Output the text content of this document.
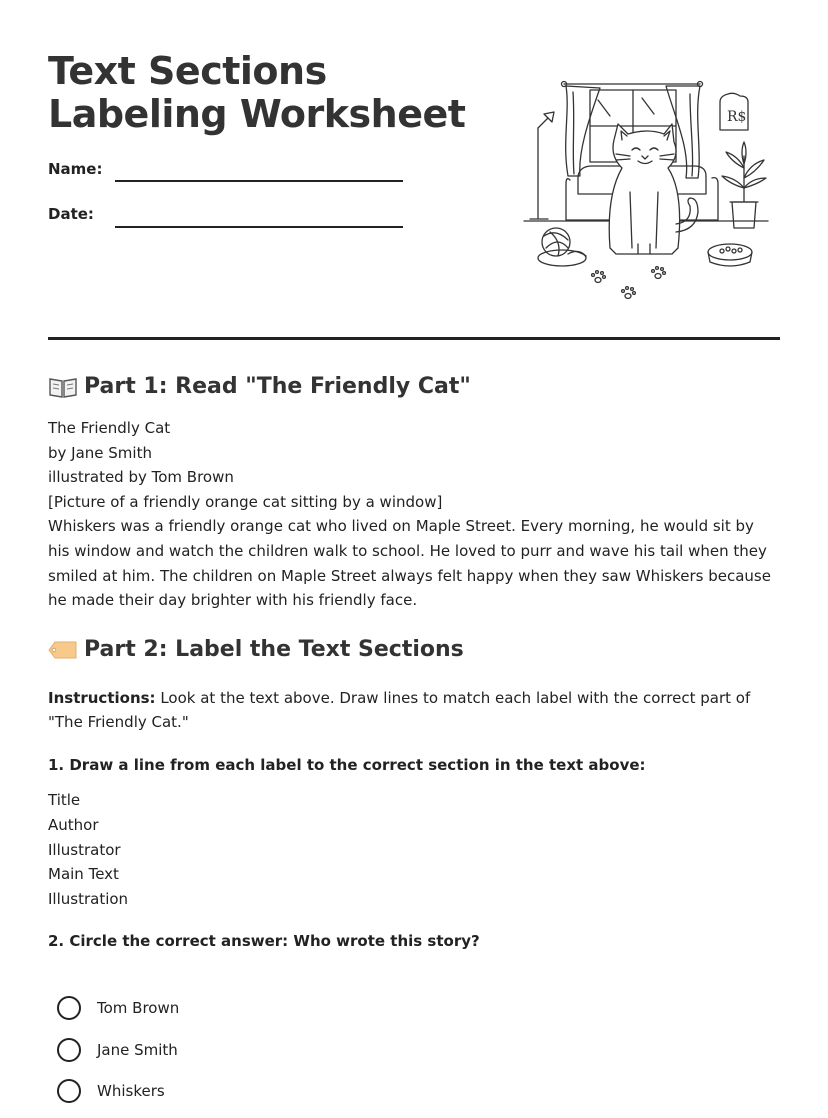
Text Sections Labeling Worksheet
Name:
Date:
R$
Part 1: Read "The Friendly Cat"
The Friendly Cat
by Jane Smith
illustrated by Tom Brown
[Picture of a friendly orange cat sitting by a window]
Whiskers was a friendly orange cat who lived on Maple Street. Every morning, he would sit by his window and watch the children walk to school. He loved to purr and wave his tail when they smiled at him. The children on Maple Street always felt happy when they saw Whiskers because he made their day brighter with his friendly face.
Part 2: Label the Text Sections
Instructions: Look at the text above. Draw lines to match each label with the correct part of "The Friendly Cat."
1. Draw a line from each label to the correct section in the text above:
Title
Author
Illustrator
Main Text
Illustration
2. Circle the correct answer: Who wrote this story?
Tom Brown
Jane Smith
Whiskers
